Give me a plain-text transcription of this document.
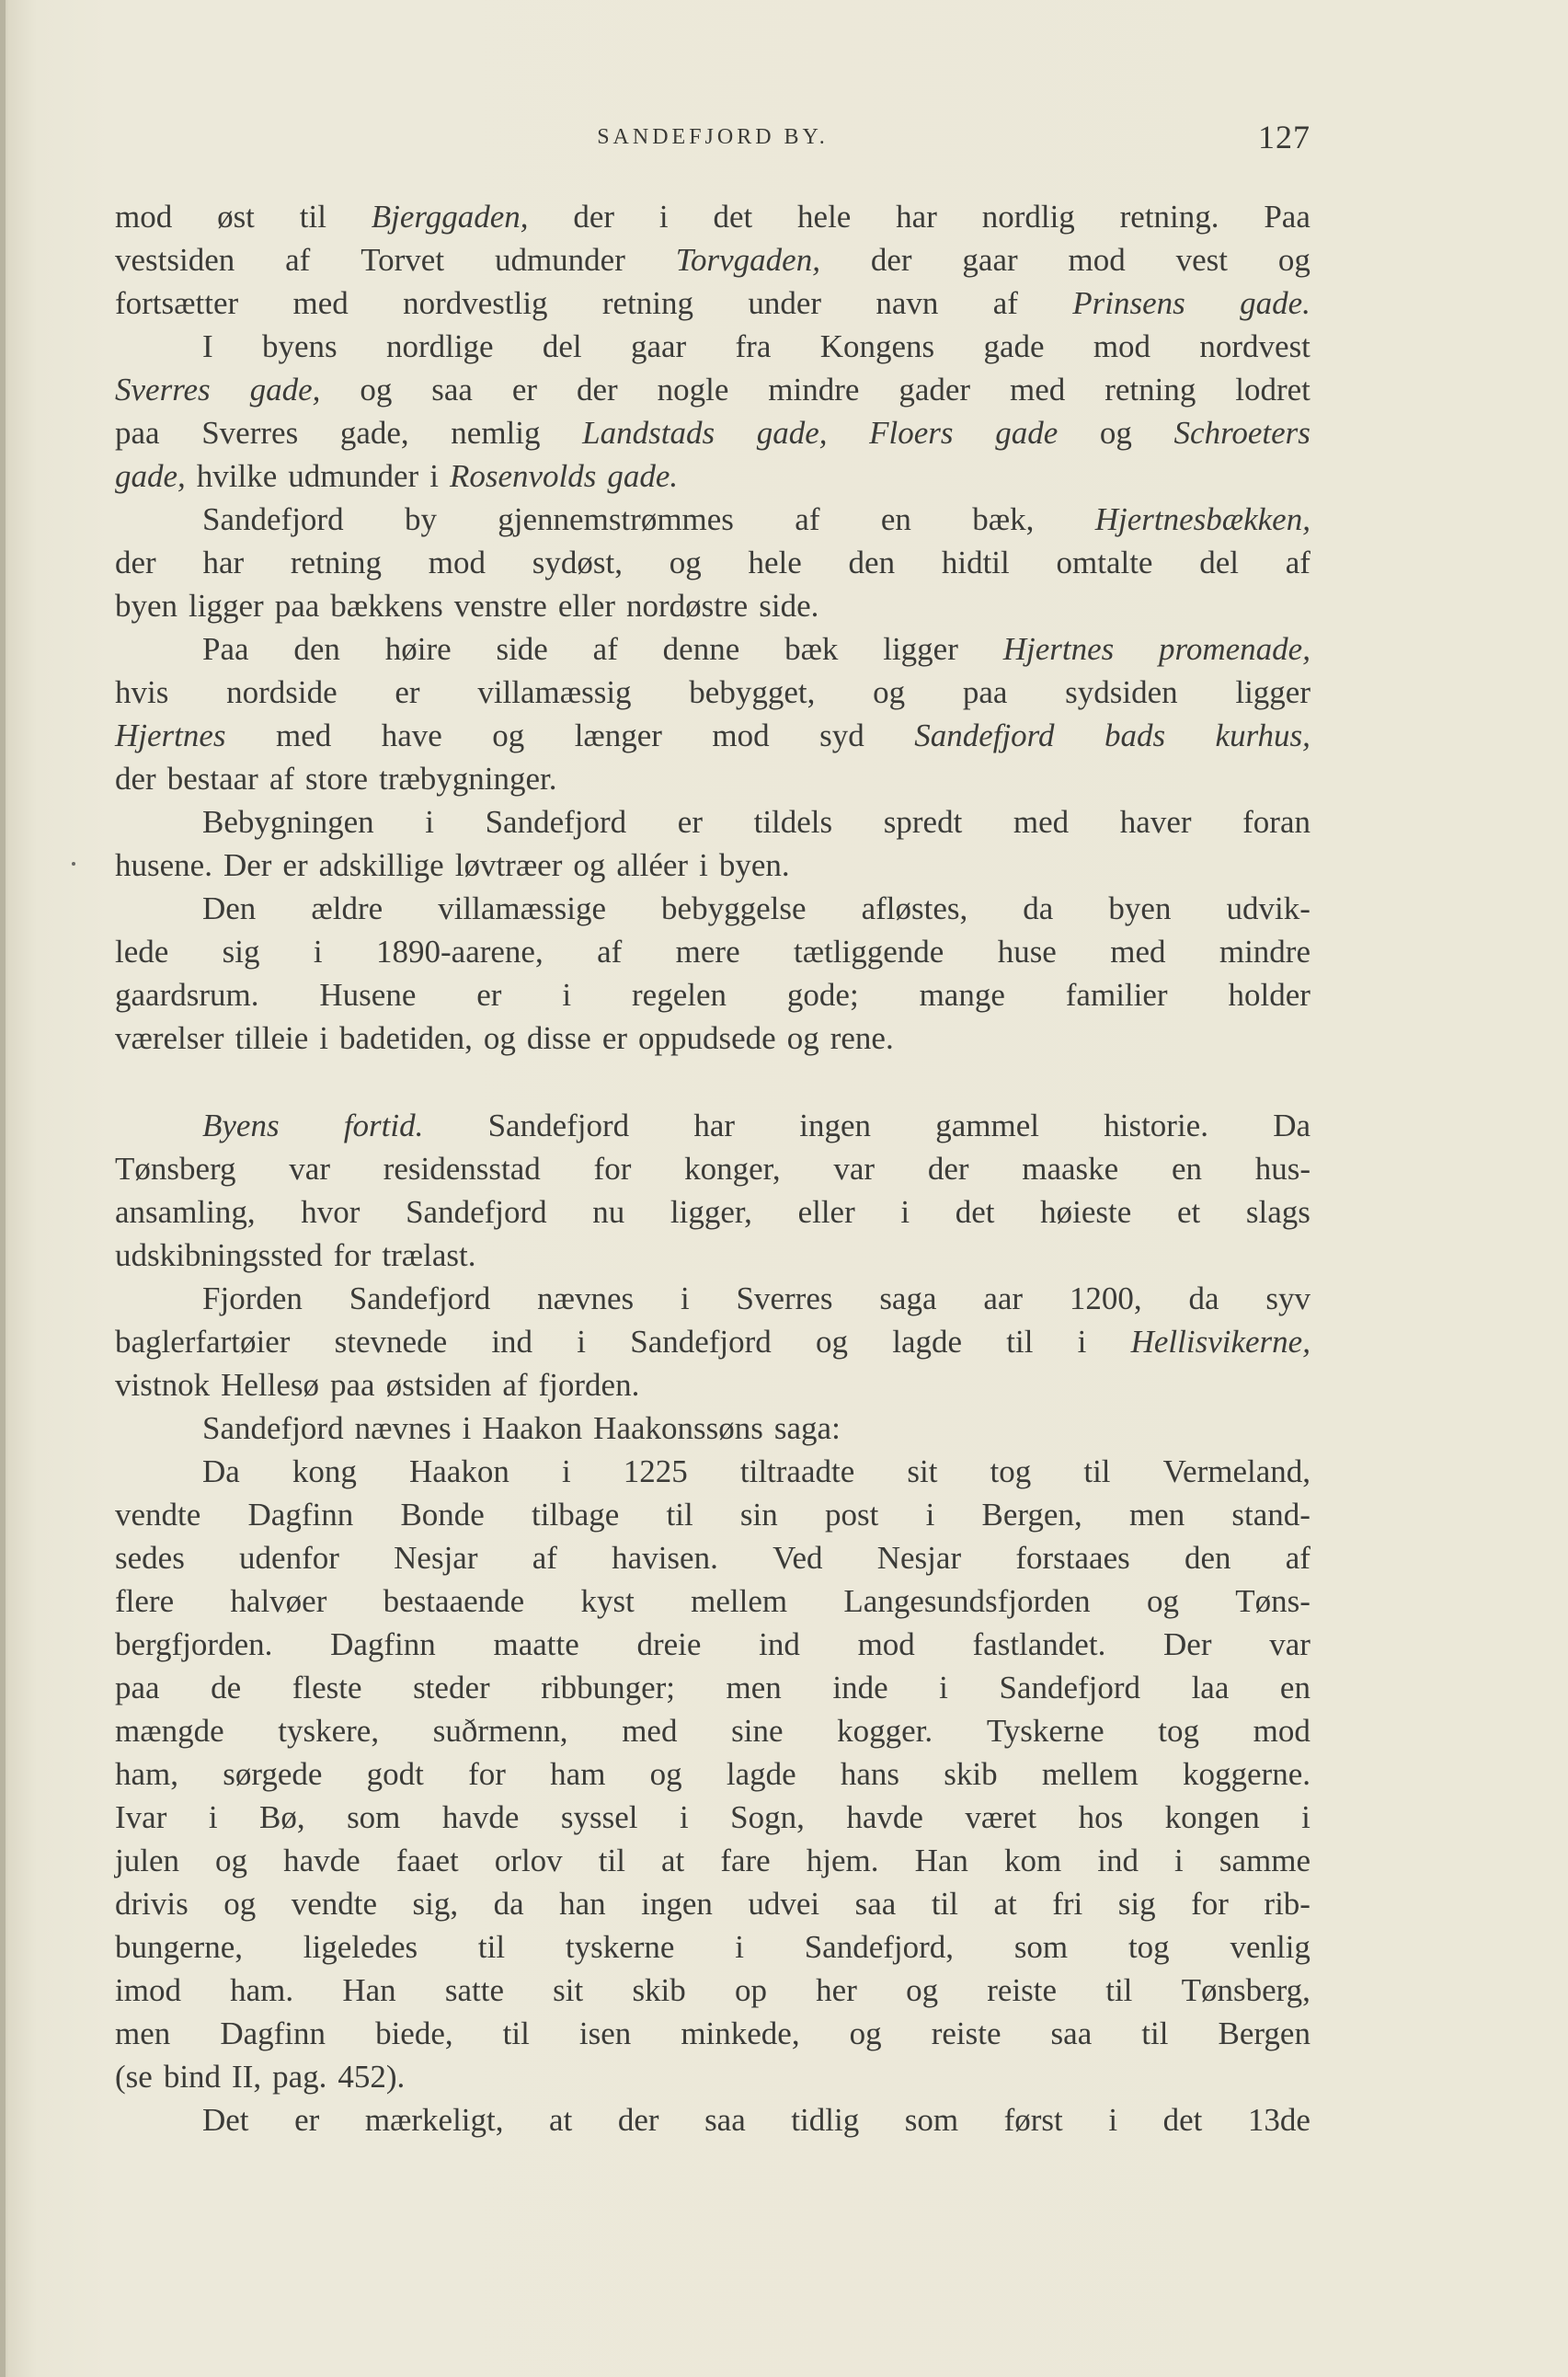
SANDEFJORD BY.	127
mod øst til Bjerggaden, der i det hele har nordlig retning. Paa
vestsiden af Torvet udmunder Torvgaden, der gaar mod vest og
fortsætter med nordvestlig retning under navn af Prinsens gade.
I byens nordlige del gaar fra Kongens gade mod nordvest
Sverres gade, og saa er der nogle mindre gader med retning lodret
paa Sverres gade, nemlig Landstads gade, Floers gade og Schroeters
gade, hvilke udmunder i Rosenvolds gade.
Sandefjord by gjennemstrømmes af en bæk, Hjertnesbækken,
der har retning mod sydøst, og hele den hidtil omtalte del af
byen ligger paa bækkens venstre eller nordøstre side.
Paa den høire side af denne bæk ligger Hjertnes promenade,
hvis nordside er villamæssig bebygget, og paa sydsiden ligger
Hjertnes med have og længer mod syd Sandefjord bads kurhus,
der bestaar af store træbygninger.
Bebygningen i Sandefjord er tildels spredt med haver foran
husene. Der er adskillige løvtræer og alléer i byen.
Den ældre villamæssige bebyggelse afløstes, da byen udvik-
lede sig i 1890-aarene, af mere tætliggende huse med mindre
gaardsrum. Husene er i regelen gode; mange familier holder
værelser tilleie i badetiden, og disse er oppudsede og rene.
Byens fortid. Sandefjord har ingen gammel historie. Da
Tønsberg var residensstad for konger, var der maaske en hus-
ansamling, hvor Sandefjord nu ligger, eller i det høieste et slags
udskibningssted for trælast.
Fjorden Sandefjord nævnes i Sverres saga aar 1200, da syv
baglerfartøier stevnede ind i Sandefjord og lagde til i Hellisvikerne,
vistnok Hellesø paa østsiden af fjorden.
Sandefjord nævnes i Haakon Haakonssøns saga:
Da kong Haakon i 1225 tiltraadte sit tog til Vermeland,
vendte Dagfinn Bonde tilbage til sin post i Bergen, men stand-
sedes udenfor Nesjar af havisen. Ved Nesjar forstaaes den af
flere halvøer bestaaende kyst mellem Langesundsfjorden og Tøns-
bergfjorden. Dagfinn maatte dreie ind mod fastlandet. Der var
paa de fleste steder ribbunger; men inde i Sandefjord laa en
mængde tyskere, suðrmenn, med sine kogger. Tyskerne tog mod
ham, sørgede godt for ham og lagde hans skib mellem koggerne.
Ivar i Bø, som havde syssel i Sogn, havde været hos kongen i
julen og havde faaet orlov til at fare hjem. Han kom ind i samme
drivis og vendte sig, da han ingen udvei saa til at fri sig for rib-
bungerne, ligeledes til tyskerne i Sandefjord, som tog venlig
imod ham. Han satte sit skib op her og reiste til Tønsberg,
men Dagfinn biede, til isen minkede, og reiste saa til Bergen
(se bind II, pag. 452).
Det er mærkeligt, at der saa tidlig som først i det 13de
